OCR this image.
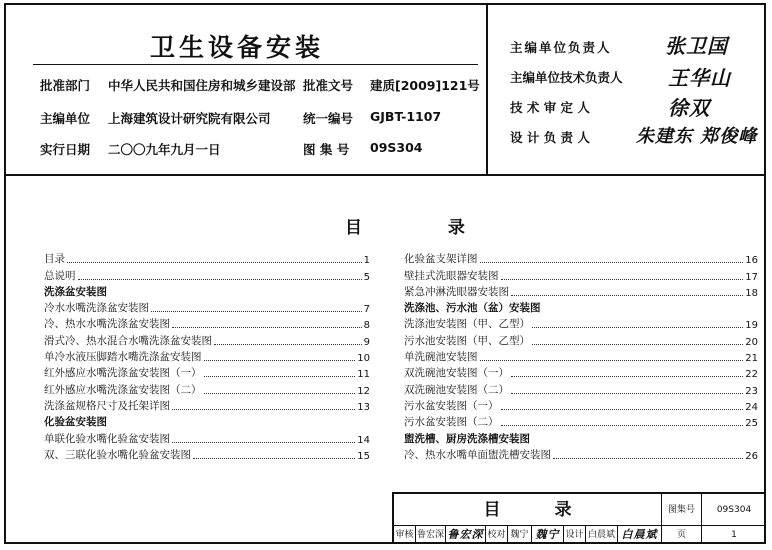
卫生设备安装
批准部门 中华人民共和国住房和城乡建设部 批准文号 建质[2009]121号
主编单位 上海建筑设计研究院有限公司	统一编号 GJBT-1107
实行日期 二〇〇九年九月一日	图 集 号 09S304
主编单位负责人	张卫国
主编单位技术负责人 王华山
技 术 审 定 人	徐双
设 计 负 责 人	朱建东 郑俊峰
目 录
目录	1
总说明	5
洗涤盆安装图
冷水水嘴洗涤盆安装图	7
冷、热水水嘴洗涤盆安装图	8
滑式冷、热水混合水嘴洗涤盆安装图	9
单冷水液压脚踏水嘴洗涤盆安装图	10
红外感应水嘴洗涤盆安装图（一）	11
红外感应水嘴洗涤盆安装图（二）	12
洗涤盆规格尺寸及托架详图	13
化验盆安装图
单联化验水嘴化验盆安装图	14
双、三联化验水嘴化验盆安装图	15
化验盆支架详图	16
壁挂式洗眼器安装图	17
紧急冲淋洗眼器安装图	18
洗涤池、污水池（盆）安装图
洗涤池安装图（甲、乙型）	19
污水池安装图（甲、乙型）	20
单洗碗池安装图	21
双洗碗池安装图（一）	22
双洗碗池安装图（二）	23
污水盆安装图（一）	24
污水盆安装图（二）	25
盥洗槽、厨房洗涤槽安装图
冷、热水水嘴单面盥洗槽安装图	26
目 录	图集号	09S304
审核 鲁宏深 鲁宏深 校对 魏宁 魏宁 设计 白晨斌 白晨斌	页	1
